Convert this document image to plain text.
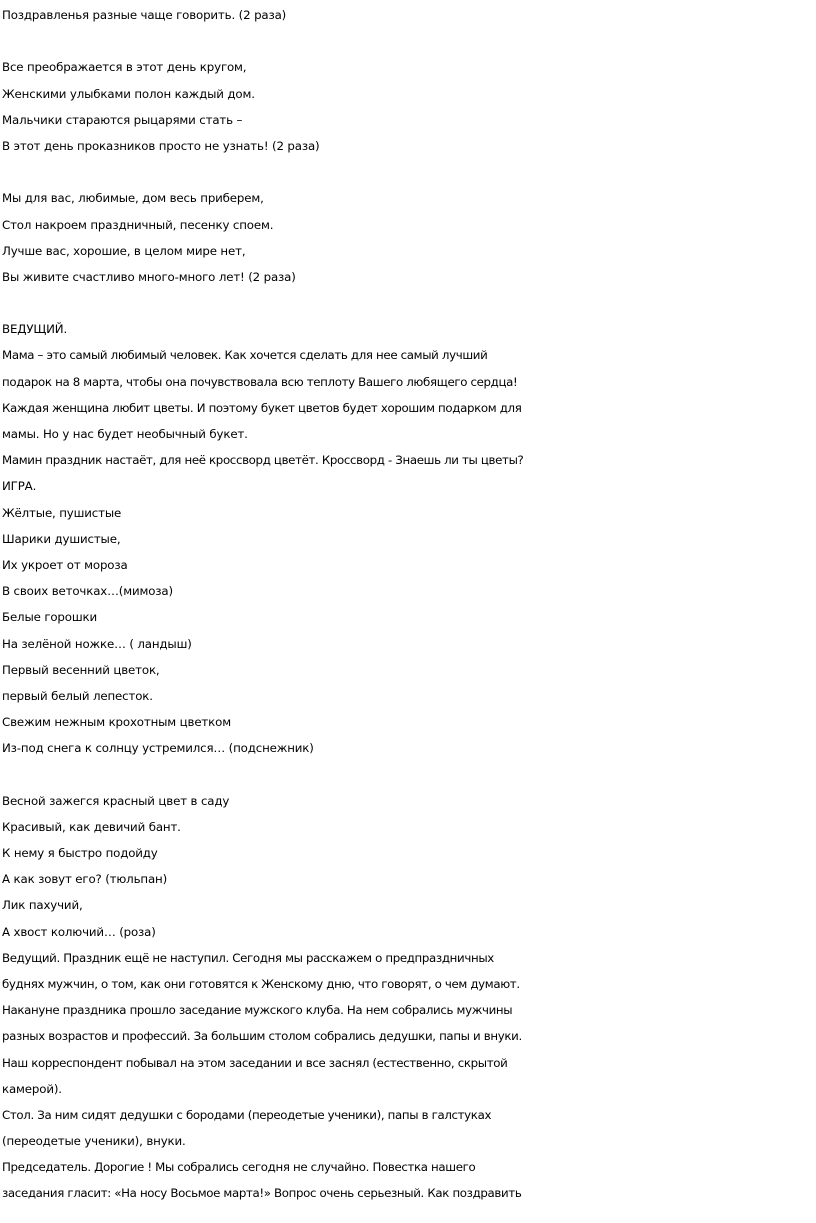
Поздравленья разные чаще говорить. (2 раза)
Все преображается в этот день кругом,
Женскими улыбками полон каждый дом.
Мальчики стараются рыцарями стать –
В этот день проказников просто не узнать! (2 раза)
Мы для вас, любимые, дом весь приберем,
Стол накроем праздничный, песенку споем.
Лучше вас, хорошие, в целом мире нет,
Вы живите счастливо много-много лет! (2 раза)
ВЕДУЩИЙ.
Мама – это самый любимый человек. Как хочется сделать для нее самый лучший
подарок на 8 марта, чтобы она почувствовала всю теплоту Вашего любящего сердца!
Каждая женщина любит цветы. И поэтому букет цветов будет хорошим подарком для
мамы. Но у нас будет необычный букет.
Мамин праздник настаёт, для неё кроссворд цветёт. Кроссворд - Знаешь ли ты цветы?
ИГРА.
Жёлтые, пушистые
Шарики душистые,
Их укроет от мороза
В своих веточках…(мимоза)
Белые горошки
На зелёной ножке… ( ландыш)
Первый весенний цветок,
первый белый лепесток.
Свежим нежным крохотным цветком
Из-под снега к солнцу устремился… (подснежник)
Весной зажегся красный цвет в саду
Красивый, как девичий бант.
К нему я быстро подойду
А как зовут его? (тюльпан)
Лик пахучий,
А хвост колючий… (роза)
Ведущий. Праздник ещё не наступил. Сегодня мы расскажем о предпраздничных
буднях мужчин, о том, как они готовятся к Женскому дню, что говорят, о чем думают.
Накануне праздника прошло заседание мужского клуба. На нем собрались мужчины
разных возрастов и профессий. За большим столом собрались дедушки, папы и внуки.
Наш корреспондент побывал на этом заседании и все заснял (естественно, скрытой
камерой).
Стол. За ним сидят дедушки с бородами (переодетые ученики), папы в галстуках
(переодетые ученики), внуки.
Председатель. Дорогие ! Мы собрались сегодня не случайно. Повестка нашего
заседания гласит: «На носу Восьмое марта!» Вопрос очень серьезный. Как поздравить
